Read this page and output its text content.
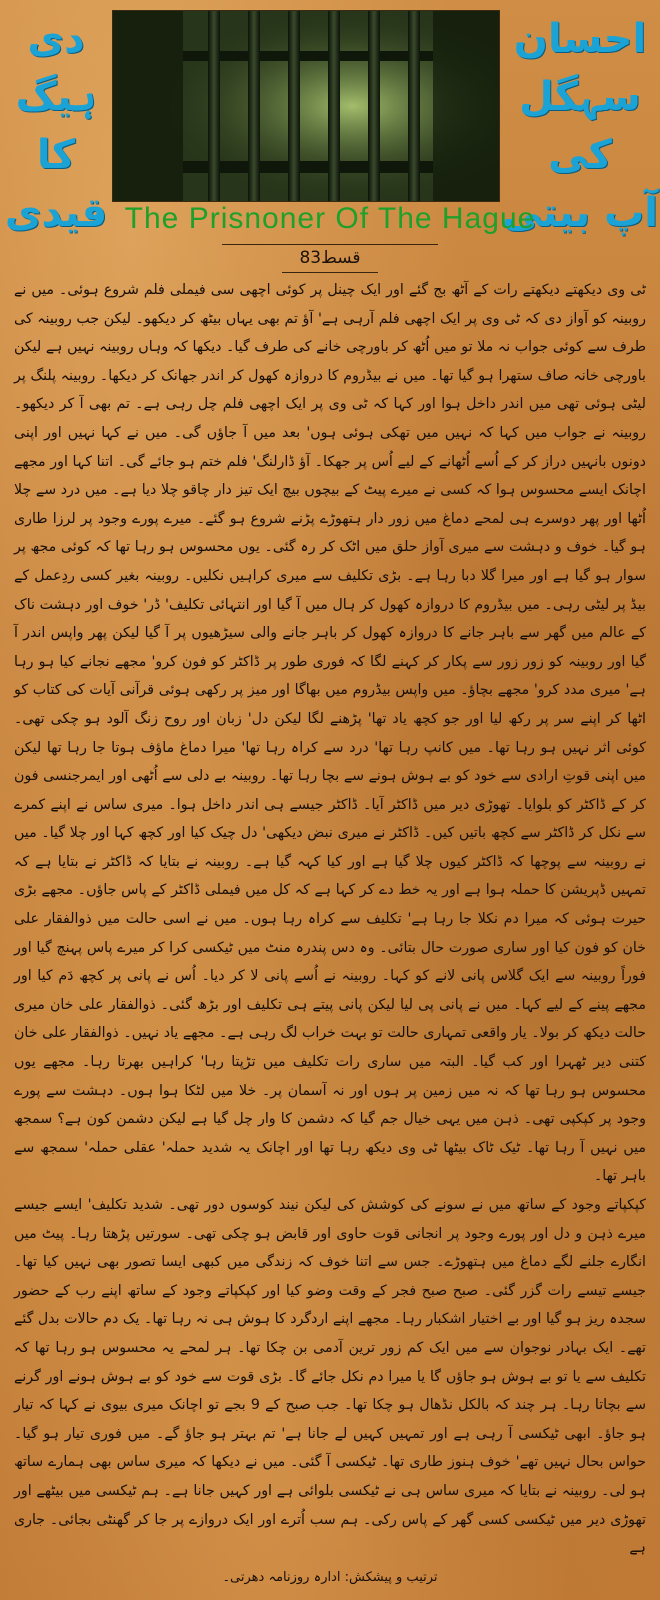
احسان سہگل
کی
آپ بیتی
دی ہیگ
کا
قیدی The Prisnoner Of The Hague
قسط83

ٹی وی دیکھتے دیکھتے رات کے آٹھ بج گئے اور ایک چینل پر کوئی اچھی سی فیملی فلم شروع ہوئی۔ میں نے روبینہ کو آواز دی کہ ٹی وی پر ایک اچھی فلم آرہی ہے' آؤ تم بھی یہاں بیٹھ کر دیکھو۔ لیکن جب روبینہ کی طرف سے کوئی جواب نہ ملا تو میں اُٹھ کر باورچی خانے کی طرف گیا۔ دیکھا کہ وہاں روبینہ نہیں ہے لیکن باورچی خانہ صاف ستھرا ہو گیا تھا۔ میں نے بیڈروم کا دروازہ کھول کر اندر جھانک کر دیکھا۔ روبینہ پلنگ پر لیٹی ہوئی تھی میں اندر داخل ہوا اور کہا کہ ٹی وی پر ایک اچھی فلم چل رہی ہے۔ تم بھی آ کر دیکھو۔ روبینہ نے جواب میں کہا کہ نہیں میں تھکی ہوئی ہوں' بعد میں آ جاؤں گی۔ میں نے کہا نہیں اور اپنی دونوں بانہیں دراز کر کے اُسے اُٹھانے کے لیے اُس پر جھکا۔ آؤ ڈارلنگ' فلم ختم ہو جائے گی۔ اتنا کہا اور مجھے اچانک ایسے محسوس ہوا کہ کسی نے میرے پیٹ کے بیچوں بیچ ایک تیز دار چاقو چلا دیا ہے۔ میں درد سے چلا اُٹھا اور پھر دوسرے ہی لمحے دماغ میں زور دار ہتھوڑے پڑنے شروع ہو گئے۔ میرے پورے وجود پر لرزا طاری ہو گیا۔ خوف و دہشت سے میری آواز حلق میں اٹک کر رہ گئی۔ یوں محسوس ہو رہا تھا کہ کوئی مجھ پر سوار ہو گیا ہے اور میرا گلا دبا رہا ہے۔ بڑی تکلیف سے میری کراہیں نکلیں۔ روبینہ بغیر کسی ردِعمل کے بیڈ پر لیٹی رہی۔ میں بیڈروم کا دروازہ کھول کر ہال میں آ گیا اور انتہائی تکلیف' ڈر' خوف اور دہشت ناک کے عالم میں گھر سے باہر جانے کا دروازہ کھول کر باہر جانے والی سیڑھیوں پر آ گیا لیکن پھر واپس اندر آ گیا اور روبینہ کو زور زور سے پکار کر کہنے لگا کہ فوری طور پر ڈاکٹر کو فون کرو' مجھے نجانے کیا ہو رہا ہے' میری مدد کرو' مجھے بچاؤ۔ میں واپس بیڈروم میں بھاگا اور میز پر رکھی ہوئی قرآنی آیات کی کتاب کو اٹھا کر اپنے سر پر رکھ لیا اور جو کچھ یاد تھا' پڑھنے لگا لیکن دل' زبان اور روح زنگ آلود ہو چکی تھی۔ کوئی اثر نہیں ہو رہا تھا۔ میں کانپ رہا تھا' درد سے کراہ رہا تھا' میرا دماغ ماؤف ہوتا جا رہا تھا لیکن میں اپنی قوتِ ارادی سے خود کو بے ہوش ہونے سے بچا رہا تھا۔ روبینہ بے دلی سے اُٹھی اور ایمرجنسی فون کر کے ڈاکٹر کو بلوایا۔ تھوڑی دیر میں ڈاکٹر آیا۔ ڈاکٹر جیسے ہی اندر داخل ہوا۔ میری ساس نے اپنے کمرے سے نکل کر ڈاکٹر سے کچھ باتیں کیں۔ ڈاکٹر نے میری نبض دیکھی' دل چیک کیا اور کچھ کہا اور چلا گیا۔ میں نے روبینہ سے پوچھا کہ ڈاکٹر کیوں چلا گیا ہے اور کیا کہہ گیا ہے۔ روبینہ نے بتایا کہ ڈاکٹر نے بتایا ہے کہ تمہیں ڈپریشن کا حملہ ہوا ہے اور یہ خط دے کر کہا ہے کہ کل میں فیملی ڈاکٹر کے پاس جاؤں۔ مجھے بڑی حیرت ہوئی کہ میرا دم نکلا جا رہا ہے' تکلیف سے کراہ رہا ہوں۔ میں نے اسی حالت میں ذوالفقار علی خان کو فون کیا اور ساری صورت حال بتائی۔ وہ دس پندرہ منٹ میں ٹیکسی کرا کر میرے پاس پہنچ گیا اور فوراً روبینہ سے ایک گلاس پانی لانے کو کہا۔ روبینہ نے اُسے پانی لا کر دیا۔ اُس نے پانی پر کچھ دَم کیا اور مجھے پینے کے لیے کہا۔ میں نے پانی پی لیا لیکن پانی پیتے ہی تکلیف اور بڑھ گئی۔ ذوالفقار علی خان میری حالت دیکھ کر بولا۔ یار واقعی تمہاری حالت تو بہت خراب لگ رہی ہے۔ مجھے یاد نہیں۔ ذوالفقار علی خان کتنی دیر ٹھہرا اور کب گیا۔ البتہ میں ساری رات تکلیف میں تڑپتا رہا' کراہیں بھرتا رہا۔ مجھے یوں محسوس ہو رہا تھا کہ نہ میں زمین پر ہوں اور نہ آسمان پر۔ خلا میں لٹکا ہوا ہوں۔ دہشت سے پورے وجود پر کپکپی تھی۔ ذہن میں یہی خیال جم گیا کہ دشمن کا وار چل گیا ہے لیکن دشمن کون ہے؟ سمجھ میں نہیں آ رہا تھا۔ ٹیک ٹاک بیٹھا ٹی وی دیکھ رہا تھا اور اچانک یہ شدید حملہ' عقلی حملہ' سمجھ سے باہر تھا۔

کپکپاتے وجود کے ساتھ میں نے سونے کی کوشش کی لیکن نیند کوسوں دور تھی۔ شدید تکلیف' ایسے جیسے میرے ذہن و دل اور پورے وجود پر انجانی قوت حاوی اور قابض ہو چکی تھی۔ سورتیں پڑھتا رہا۔ پیٹ میں انگارے جلنے لگے دماغ میں ہتھوڑے۔ جس سے اتنا خوف کہ زندگی میں کبھی ایسا تصور بھی نہیں کیا تھا۔ جیسے تیسے رات گزر گئی۔ صبح صبح فجر کے وقت وضو کیا اور کپکپاتے وجود کے ساتھ اپنے رب کے حضور سجدہ ریز ہو گیا اور بے اختیار اشکبار رہا۔ مجھے اپنے اردگرد کا ہوش ہی نہ رہا تھا۔ یک دم حالات بدل گئے تھے۔ ایک بہادر نوجوان سے میں ایک کم زور ترین آدمی بن چکا تھا۔ ہر لمحے یہ محسوس ہو رہا تھا کہ تکلیف سے یا تو بے ہوش ہو جاؤں گا یا میرا دم نکل جائے گا۔ بڑی قوت سے خود کو بے ہوش ہونے اور گرنے سے بچاتا رہا۔ ہر چند کہ بالکل نڈھال ہو چکا تھا۔ جب صبح کے 9 بجے تو اچانک میری بیوی نے کہا کہ تیار ہو جاؤ۔ ابھی ٹیکسی آ رہی ہے اور تمہیں کہیں لے جانا ہے' تم بہتر ہو جاؤ گے۔ میں فوری تیار ہو گیا۔ حواس بحال نہیں تھے' خوف ہنوز طاری تھا۔ ٹیکسی آ گئی۔ میں نے دیکھا کہ میری ساس بھی ہمارے ساتھ ہو لی۔ روبینہ نے بتایا کہ میری ساس ہی نے ٹیکسی بلوائی ہے اور کہیں جانا ہے۔ ہم ٹیکسی میں بیٹھے اور تھوڑی دیر میں ٹیکسی کسی گھر کے پاس رکی۔ ہم سب اُترے اور ایک دروازے پر جا کر گھنٹی بجائی۔ جاری ہے

ترتیب و پیشکش: ادارہ روزنامہ دھرتی۔
